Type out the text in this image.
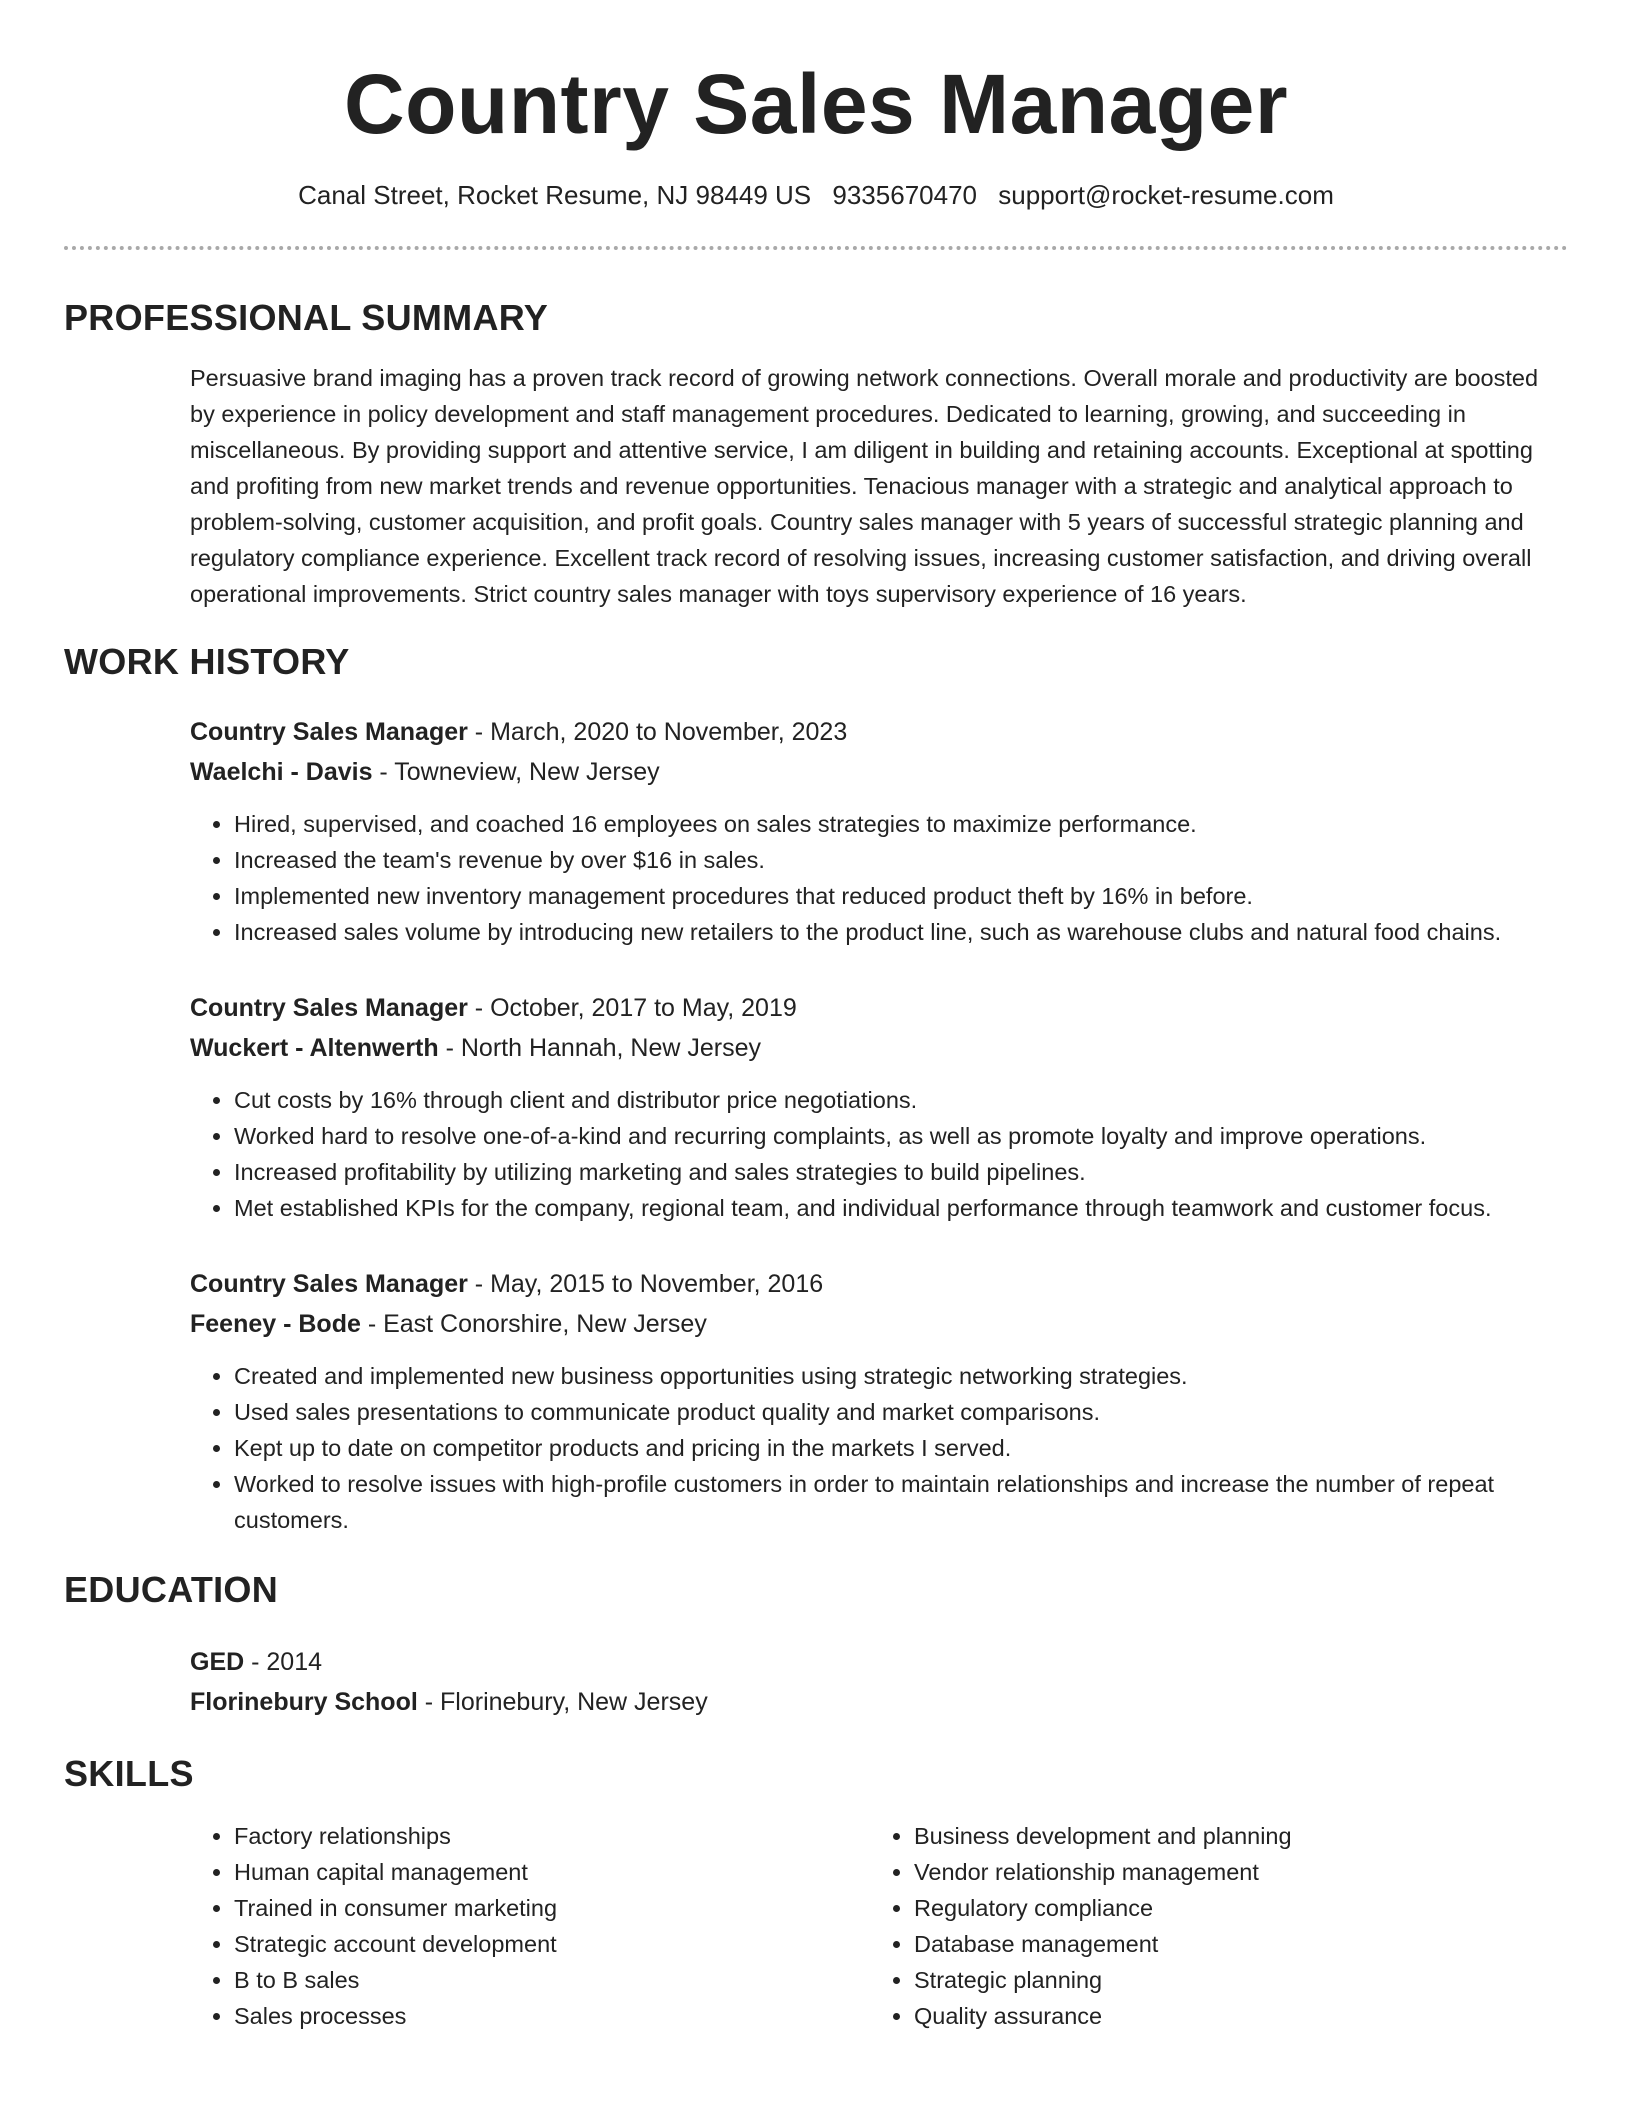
Country Sales Manager
Canal Street, Rocket Resume, NJ 98449 US 9335670470 support@rocket-resume.com
PROFESSIONAL SUMMARY

Persuasive brand imaging has a proven track record of growing network connections. Overall morale and productivity are boosted by experience in policy development and staff management procedures. Dedicated to learning, growing, and succeeding in miscellaneous. By providing support and attentive service, I am diligent in building and retaining accounts. Exceptional at spotting and profiting from new market trends and revenue opportunities. Tenacious manager with a strategic and analytical approach to problem-solving, customer acquisition, and profit goals. Country sales manager with 5 years of successful strategic planning and regulatory compliance experience. Excellent track record of resolving issues, increasing customer satisfaction, and driving overall operational improvements. Strict country sales manager with toys supervisory experience of 16 years.

WORK HISTORY
Country Sales Manager - March, 2020 to November, 2023
Waelchi - Davis - Towneview, New Jersey
• Hired, supervised, and coached 16 employees on sales strategies to maximize performance.
• Increased the team's revenue by over $16 in sales.
• Implemented new inventory management procedures that reduced product theft by 16% in before.
• Increased sales volume by introducing new retailers to the product line, such as warehouse clubs and natural food chains.
Country Sales Manager - October, 2017 to May, 2019
Wuckert - Altenwerth - North Hannah, New Jersey
• Cut costs by 16% through client and distributor price negotiations.
• Worked hard to resolve one-of-a-kind and recurring complaints, as well as promote loyalty and improve operations.
• Increased profitability by utilizing marketing and sales strategies to build pipelines.
• Met established KPIs for the company, regional team, and individual performance through teamwork and customer focus.
Country Sales Manager - May, 2015 to November, 2016
Feeney - Bode - East Conorshire, New Jersey
• Created and implemented new business opportunities using strategic networking strategies.
• Used sales presentations to communicate product quality and market comparisons.
• Kept up to date on competitor products and pricing in the markets I served.
• Worked to resolve issues with high-profile customers in order to maintain relationships and increase the number of repeat customers.
EDUCATION
GED - 2014
Florinebury School - Florinebury, New Jersey
SKILLS
• Factory relationships
• Human capital management
• Trained in consumer marketing
• Strategic account development
• B to B sales
• Sales processes
• Business development and planning
• Vendor relationship management
• Regulatory compliance
• Database management
• Strategic planning
• Quality assurance
